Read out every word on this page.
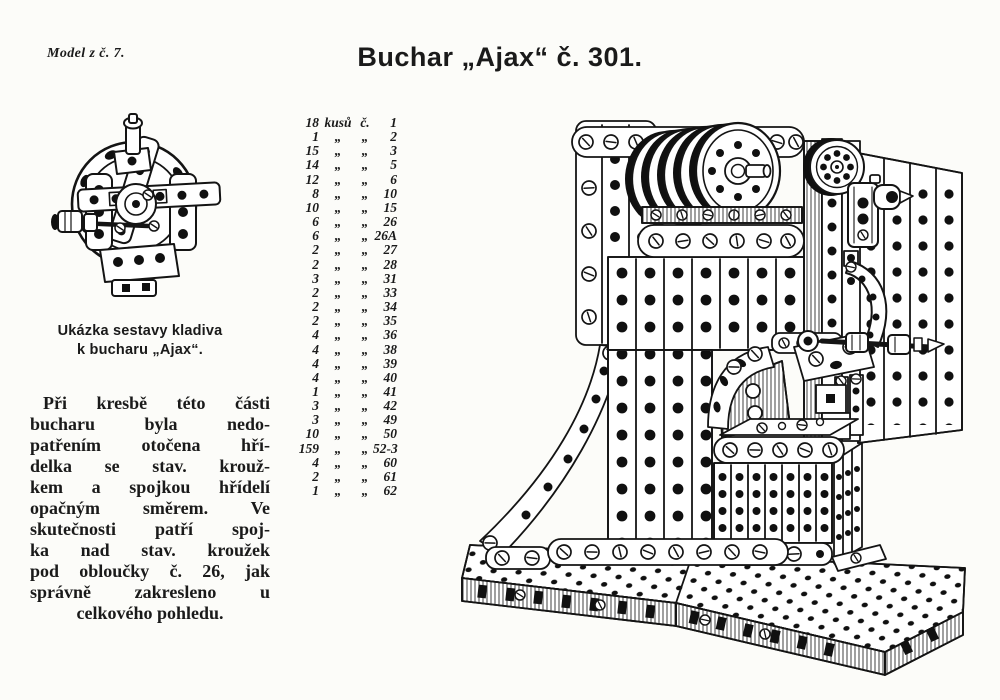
Model z č. 7.	Buchar „Ajax“ č. 301.
Ukázka sestavy kladiva
k bucharu „Ajax“.
Při kresbě této části
bucharu byla nedo-
patřením otočena hří-
delka se stav. krouž-
kem a spojkou hřídelí
opačným směrem. Ve
skutečnosti patří spoj-
ka nad stav. kroužek
pod obloučky č. 26, jak
správně zakresleno u
celkového pohledu.
18 kusů č.	1
1	„	„	2
15	„	„	3
14	„	„	5
12	„	„	6
8	„	„	10
10	„	„	15
6	„	„	26
6	„	„ 26A
2	„	„	27
2	„	„	28
3	„	„	31
2	„	„	33
2	„	„	34
2	„	„	35
4	„	„	36
4	„	„	38
4	„	„	39
4	„	„	40
1	„	„	41
3	„	„	42
3	„	„	49
10	„	„	50
159	„	„ 52-3
4	„	„	60
2	„	„	61
1	„	„	62
